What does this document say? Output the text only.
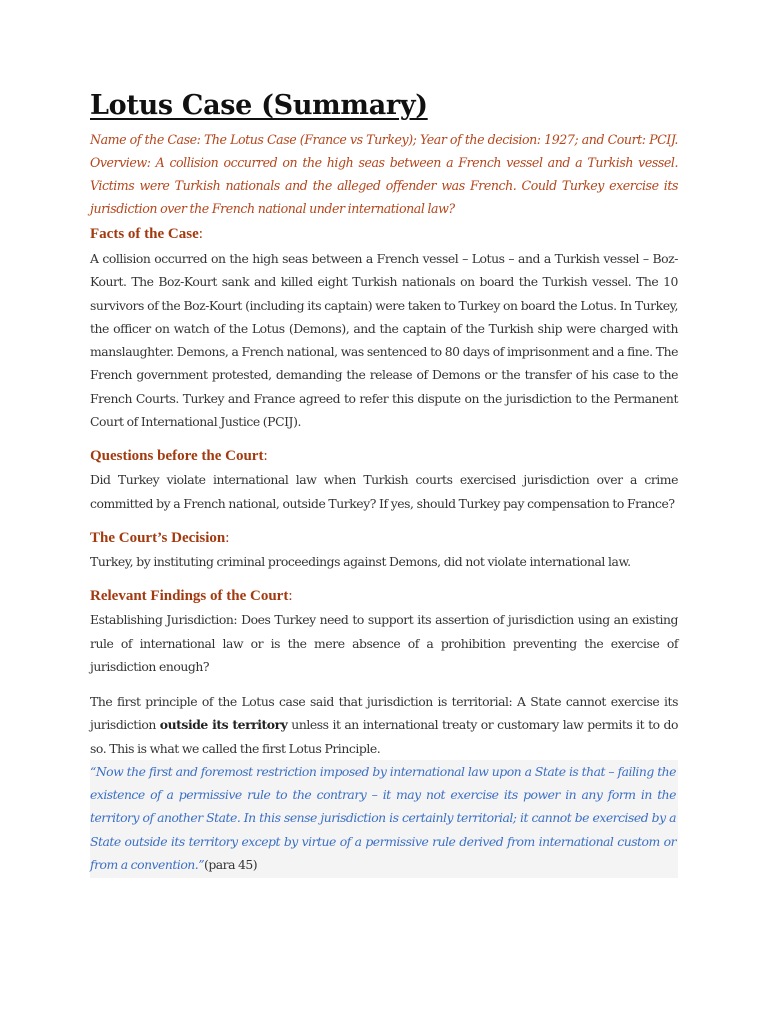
Lotus Case (Summary)

Name of the Case: The Lotus Case (France vs Turkey); Year of the decision: 1927; and Court: PCIJ. Overview: A collision occurred on the high seas between a French vessel and a Turkish vessel. Victims were Turkish nationals and the alleged offender was French. Could Turkey exercise its jurisdiction over the French national under international law?

Facts of the Case:

A collision occurred on the high seas between a French vessel – Lotus – and a Turkish vessel – Boz-Kourt. The Boz-Kourt sank and killed eight Turkish nationals on board the Turkish vessel. The 10 survivors of the Boz-Kourt (including its captain) were taken to Turkey on board the Lotus. In Turkey, the officer on watch of the Lotus (Demons), and the captain of the Turkish ship were charged with manslaughter. Demons, a French national, was sentenced to 80 days of imprisonment and a fine. The French government protested, demanding the release of Demons or the transfer of his case to the French Courts. Turkey and France agreed to refer this dispute on the jurisdiction to the Permanent Court of International Justice (PCIJ).

Questions before the Court:

Did Turkey violate international law when Turkish courts exercised jurisdiction over a crime committed by a French national, outside Turkey? If yes, should Turkey pay compensation to France?

The Court’s Decision:

Turkey, by instituting criminal proceedings against Demons, did not violate international law.

Relevant Findings of the Court:

Establishing Jurisdiction: Does Turkey need to support its assertion of jurisdiction using an existing rule of international law or is the mere absence of a prohibition preventing the exercise of jurisdiction enough?

The first principle of the Lotus case said that jurisdiction is territorial: A State cannot exercise its jurisdiction outside its territory unless it an international treaty or customary law permits it to do so. This is what we called the first Lotus Principle.

“Now the first and foremost restriction imposed by international law upon a State is that – failing the existence of a permissive rule to the contrary – it may not exercise its power in any form in the territory of another State. In this sense jurisdiction is certainly territorial; it cannot be exercised by a State outside its territory except by virtue of a permissive rule derived from international custom or from a convention.”(para 45)
